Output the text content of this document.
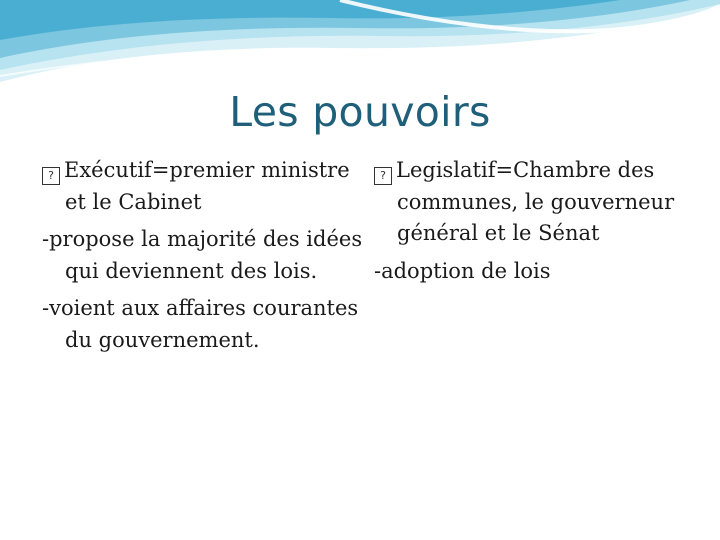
Les pouvoirs

? Exécutif=premier ministre et le Cabinet

-propose la majorité des idées qui deviennent des lois.

-voient aux affaires courantes du gouvernement.

? Legislatif=Chambre des communes, le gouverneur général et le Sénat

-adoption de lois
